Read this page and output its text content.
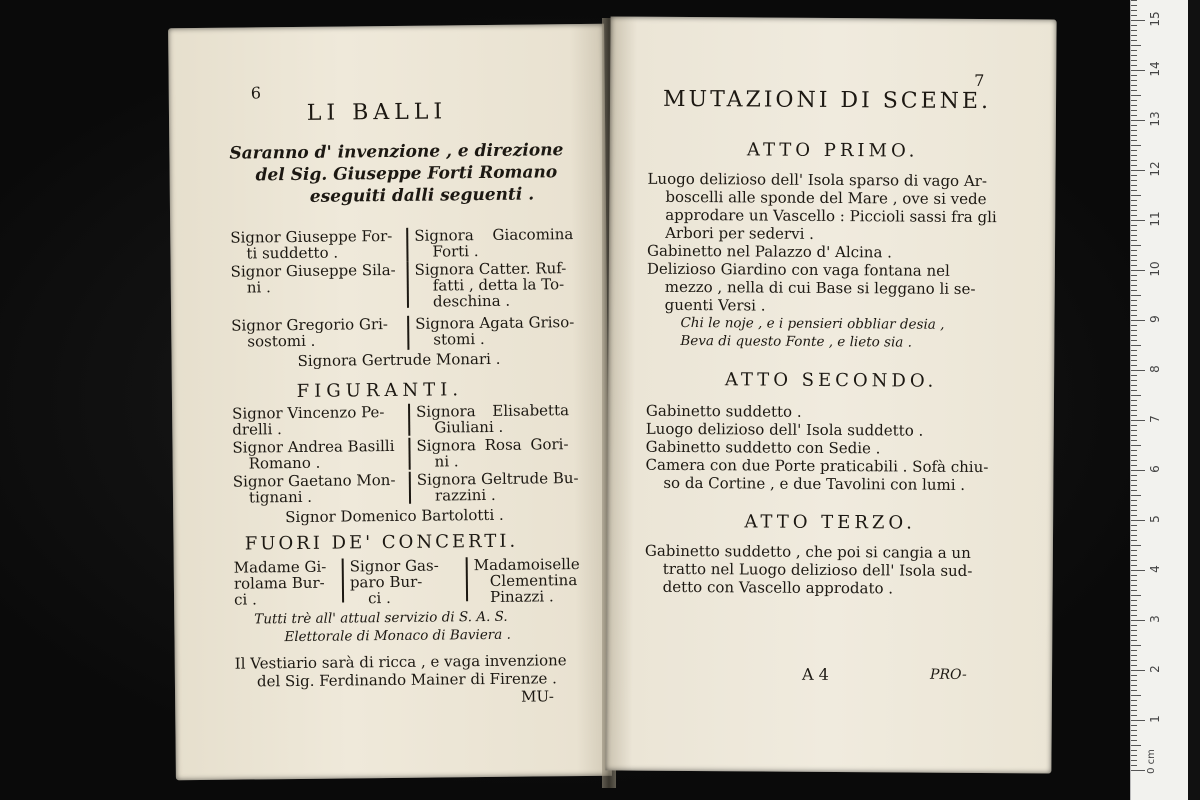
6
LI BALLI
Saranno d' invenzione , e direzione
del Sig. Giuseppe Forti Romano
eseguiti dalli seguenti .
Signor Giuseppe For-
ti suddetto .
Signor Giuseppe Sila-
ni .
Signor Gregorio Gri-
sostomi .
Signora Giacomina
Forti .
Signora Catter. Ruf-
fatti , detta la To-
deschina .
Signora Agata Griso-
stomi .
Signora Gertrude Monari .
FIGURANTI.
Signor Vincenzo Pe-
drelli .
Signor Andrea Basilli
Romano .
Signor Gaetano Mon-
tignani .
Signora Elisabetta
Giuliani .
Signora Rosa Gori-
ni .
Signora Geltrude Bu-
razzini .
Signor Domenico Bartolotti .
FUORI DE' CONCERTI.
Madame Gi-
rolama Bur-
ci .
Signor Gas-
paro Bur-
ci .
Madamoiselle
Clementina
Pinazzi .
Tutti trè all' attual servizio di S. A. S.
Elettorale di Monaco di Baviera .
Il Vestiario sarà di ricca , e vaga invenzione
del Sig. Ferdinando Mainer di Firenze .
MU-
7
MUTAZIONI DI SCENE.
ATTO PRIMO.
Luogo delizioso dell' Isola sparso di vago Ar-
boscelli alle sponde del Mare , ove si vede
approdare un Vascello : Piccioli sassi fra gli
Arbori per sedervi .
Gabinetto nel Palazzo d' Alcina .
Delizioso Giardino con vaga fontana nel
mezzo , nella di cui Base si leggano li se-
guenti Versi .
Chi le noje , e i pensieri obbliar desia ,
Beva di questo Fonte , e lieto sia .
ATTO SECONDO.
Gabinetto suddetto .
Luogo delizioso dell' Isola suddetto .
Gabinetto suddetto con Sedie .
Camera con due Porte praticabili . Sofà chiu-
so da Cortine , e due Tavolini con lumi .
ATTO TERZO.
Gabinetto suddetto , che poi si cangia a un
tratto nel Luogo delizioso dell' Isola sud-
detto con Vascello approdato .
A 4	PRO-
0 cm
1
2
3
4
5
6
7
8
9
10
11
12
13
14
15
